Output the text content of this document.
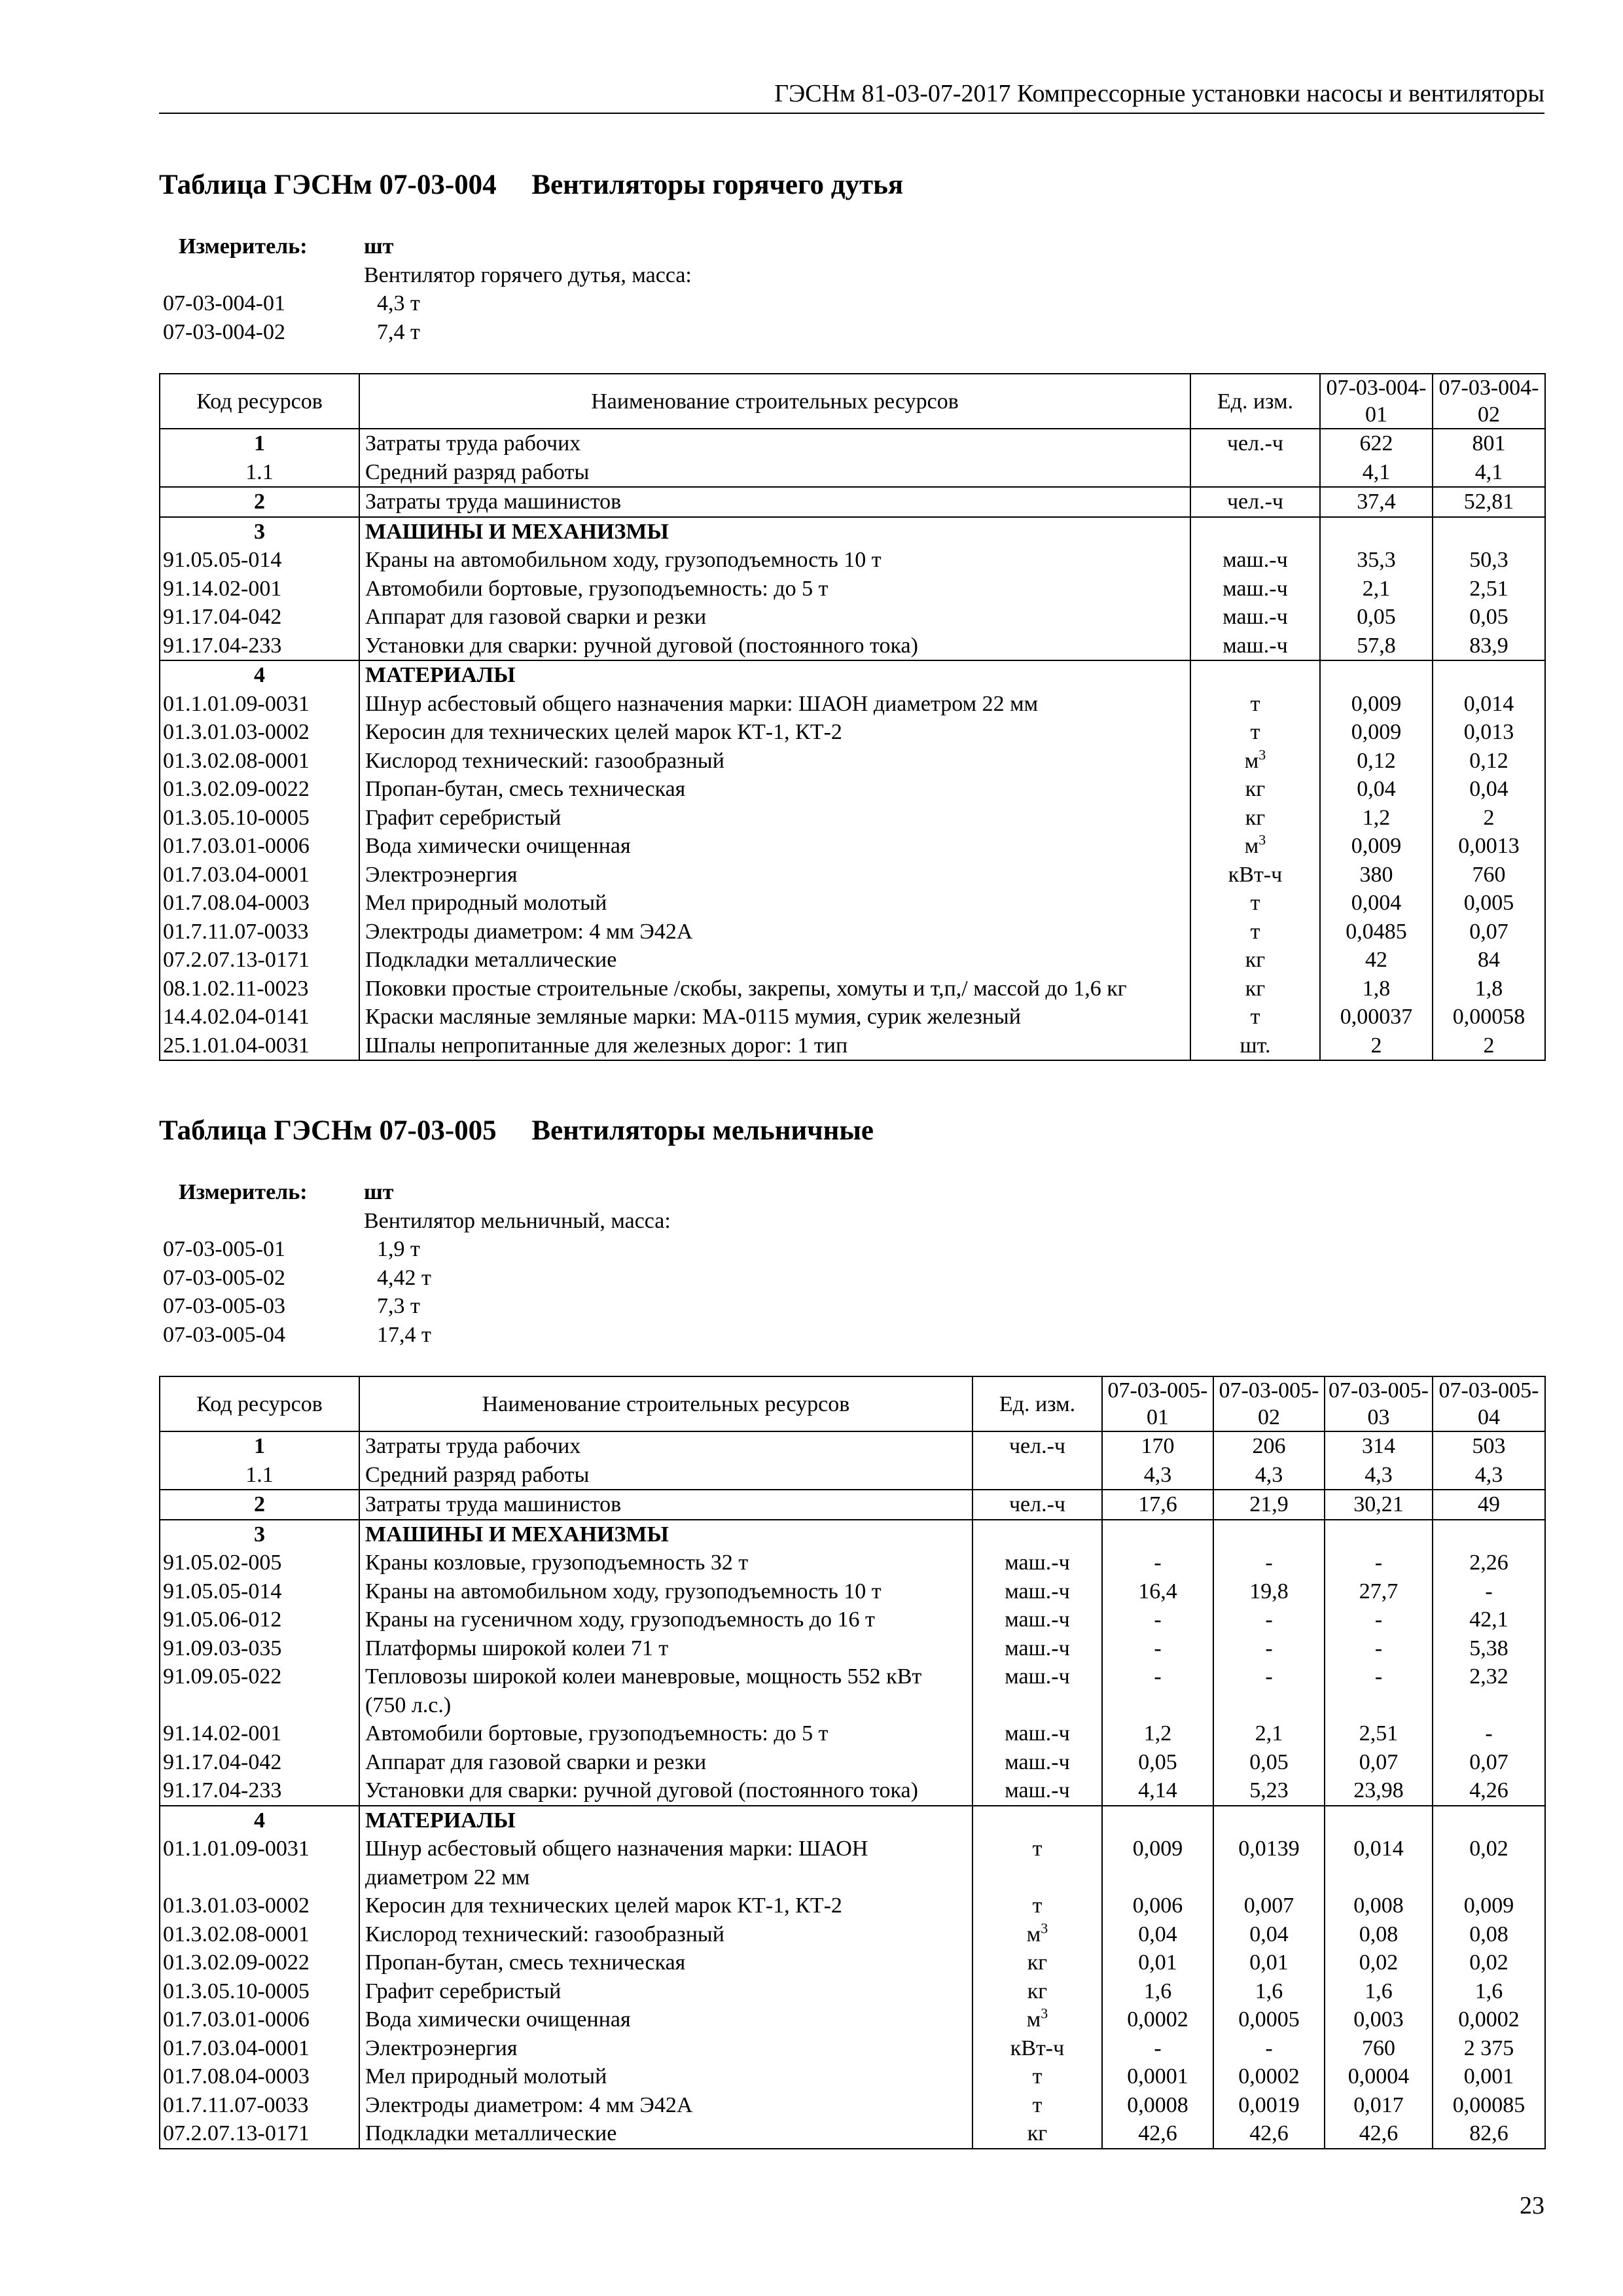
ГЭСНм 81-03-07-2017 Компрессорные установки насосы и вентиляторы
Таблица ГЭСНм 07-03-004     Вентиляторы горячего дутья
Измеритель:	шт
Вентилятор горячего дутья, масса:
07-03-004-01	4,3 т
07-03-004-02	7,4 т
Код ресурсов	Наименование строительных ресурсов	Ед. изм.	07-03-004-01	07-03-004-02
1	Затраты труда рабочих	чел.-ч	622	801
1.1	Средний разряд работы		4,1	4,1
2	Затраты труда машинистов	чел.-ч	37,4	52,81
3	МАШИНЫ И МЕХАНИЗМЫ			
91.05.05-014	Краны на автомобильном ходу, грузоподъемность 10 т	маш.-ч	35,3	50,3
91.14.02-001	Автомобили бортовые, грузоподъемность: до 5 т	маш.-ч	2,1	2,51
91.17.04-042	Аппарат для газовой сварки и резки	маш.-ч	0,05	0,05
91.17.04-233	Установки для сварки: ручной дуговой (постоянного тока)	маш.-ч	57,8	83,9
4	МАТЕРИАЛЫ			
01.1.01.09-0031	Шнур асбестовый общего назначения марки: ШАОН диаметром 22 мм	т	0,009	0,014
01.3.01.03-0002	Керосин для технических целей марок КТ-1, КТ-2	т	0,009	0,013
01.3.02.08-0001	Кислород технический: газообразный	$м^3$	0,12	0,12
01.3.02.09-0022	Пропан-бутан, смесь техническая	кг	0,04	0,04
01.3.05.10-0005	Графит серебристый	кг	1,2	2
01.7.03.01-0006	Вода химически очищенная	$м^3$	0,009	0,0013
01.7.03.04-0001	Электроэнергия	кВт-ч	380	760
01.7.08.04-0003	Мел природный молотый	т	0,004	0,005
01.7.11.07-0033	Электроды диаметром: 4 мм Э42А	т	0,0485	0,07
07.2.07.13-0171	Подкладки металлические	кг	42	84
08.1.02.11-0023	Поковки простые строительные /скобы, закрепы, хомуты и т,п,/ массой до 1,6 кг	кг	1,8	1,8
14.4.02.04-0141	Краски масляные земляные марки: МА-0115 мумия, сурик железный	т	0,00037	0,00058
25.1.01.04-0031	Шпалы непропитанные для железных дорог: 1 тип	шт.	2	2
Таблица ГЭСНм 07-03-005     Вентиляторы мельничные
Измеритель:	шт
Вентилятор мельничный, масса:
07-03-005-01	1,9 т
07-03-005-02	4,42 т
07-03-005-03	7,3 т
07-03-005-04	17,4 т
Код ресурсов	Наименование строительных ресурсов	Ед. изм.	07-03-005-01	07-03-005-02	07-03-005-03	07-03-005-04
1	Затраты труда рабочих	чел.-ч	170	206	314	503
1.1	Средний разряд работы		4,3	4,3	4,3	4,3
2	Затраты труда машинистов	чел.-ч	17,6	21,9	30,21	49
3	МАШИНЫ И МЕХАНИЗМЫ					
91.05.02-005	Краны козловые, грузоподъемность 32 т	маш.-ч	-	-	-	2,26
91.05.05-014	Краны на автомобильном ходу, грузоподъемность 10 т	маш.-ч	16,4	19,8	27,7	-
91.05.06-012	Краны на гусеничном ходу, грузоподъемность до 16 т	маш.-ч	-	-	-	42,1
91.09.03-035	Платформы широкой колеи 71 т	маш.-ч	-	-	-	5,38
91.09.05-022	Тепловозы широкой колеи маневровые, мощность 552 кВт (750 л.с.)	маш.-ч	-	-	-	2,32
91.14.02-001	Автомобили бортовые, грузоподъемность: до 5 т	маш.-ч	1,2	2,1	2,51	-
91.17.04-042	Аппарат для газовой сварки и резки	маш.-ч	0,05	0,05	0,07	0,07
91.17.04-233	Установки для сварки: ручной дуговой (постоянного тока)	маш.-ч	4,14	5,23	23,98	4,26
4	МАТЕРИАЛЫ					
01.1.01.09-0031	Шнур асбестовый общего назначения марки: ШАОН диаметром 22 мм	т	0,009	0,0139	0,014	0,02
01.3.01.03-0002	Керосин для технических целей марок КТ-1, КТ-2	т	0,006	0,007	0,008	0,009
01.3.02.08-0001	Кислород технический: газообразный	$м^3$	0,04	0,04	0,08	0,08
01.3.02.09-0022	Пропан-бутан, смесь техническая	кг	0,01	0,01	0,02	0,02
01.3.05.10-0005	Графит серебристый	кг	1,6	1,6	1,6	1,6
01.7.03.01-0006	Вода химически очищенная	$м^3$	0,0002	0,0005	0,003	0,0002
01.7.03.04-0001	Электроэнергия	кВт-ч	-	-	760	2 375
01.7.08.04-0003	Мел природный молотый	т	0,0001	0,0002	0,0004	0,001
01.7.11.07-0033	Электроды диаметром: 4 мм Э42А	т	0,0008	0,0019	0,017	0,00085
07.2.07.13-0171	Подкладки металлические	кг	42,6	42,6	42,6	82,6
23
